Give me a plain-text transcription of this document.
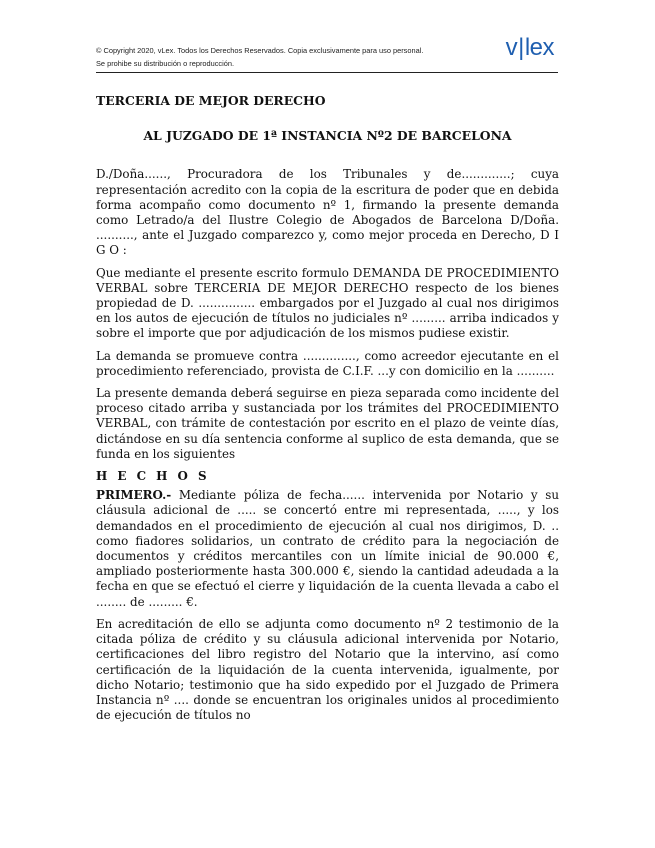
© Copyright 2020, vLex. Todos los Derechos Reservados. Copia exclusivamente para uso personal.
Se prohibe su distribución o reproducción.
v|lex
TERCERIA DE MEJOR DERECHO
AL JUZGADO DE 1ª INSTANCIA Nº2 DE BARCELONA

D./Doña......, Procuradora de los Tribunales y de.............; cuya representación acredito con la copia de la escritura de poder que en debida forma acompaño como documento nº 1, firmando la presente demanda como Letrado/a del Ilustre Colegio de Abogados de Barcelona D/Doña. .........., ante el Juzgado comparezco y, como mejor proceda en Derecho, D I G O :

Que mediante el presente escrito formulo DEMANDA DE PROCEDIMIENTO VERBAL sobre TERCERIA DE MEJOR DERECHO respecto de los bienes propiedad de D. ............... embargados por el Juzgado al cual nos dirigimos en los autos de ejecución de títulos no judiciales nº ......... arriba indicados y sobre el importe que por adjudicación de los mismos pudiese existir.

La demanda se promueve contra .............., como acreedor ejecutante en el procedimiento referenciado, provista de C.I.F. ...y con domicilio en la ..........

La presente demanda deberá seguirse en pieza separada como incidente del proceso citado arriba y sustanciada por los trámites del PROCEDIMIENTO VERBAL, con trámite de contestación por escrito en el plazo de veinte días, dictándose en su día sentencia conforme al suplico de esta demanda, que se funda en los siguientes

H E C H O S

PRIMERO.- Mediante póliza de fecha...... intervenida por Notario y su cláusula adicional de ..... se concertó entre mi representada, ....., y los demandados en el procedimiento de ejecución al cual nos dirigimos, D. .. como fiadores solidarios, un contrato de crédito para la negociación de documentos y créditos mercantiles con un límite inicial de 90.000 €, ampliado posteriormente hasta 300.000 €, siendo la cantidad adeudada a la fecha en que se efectuó el cierre y liquidación de la cuenta llevada a cabo el ........ de ......... €.

En acreditación de ello se adjunta como documento nº 2 testimonio de la citada póliza de crédito y su cláusula adicional intervenida por Notario, certificaciones del libro registro del Notario que la intervino, así como certificación de la liquidación de la cuenta intervenida, igualmente, por dicho Notario; testimonio que ha sido expedido por el Juzgado de Primera Instancia nº .... donde se encuentran los originales unidos al procedimiento de ejecución de títulos no
